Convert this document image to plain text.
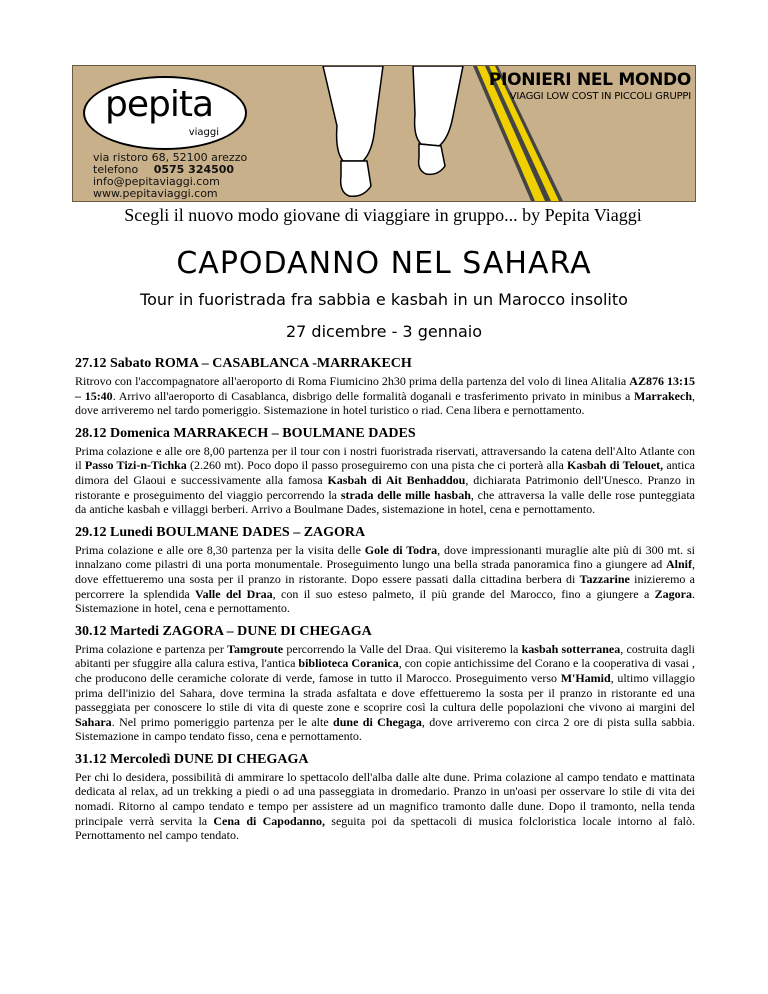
pepita
viaggi
PIONIERI NEL MONDO
VIAGGI LOW COST IN PICCOLI GRUPPI
via ristoro 68, 52100 arezzo
telefono 0575 324500
info@pepitaviaggi.com
www.pepitaviaggi.com
Scegli il nuovo modo giovane di viaggiare in gruppo... by Pepita Viaggi
CAPODANNO NEL SAHARA
Tour in fuoristrada fra sabbia e kasbah in un Marocco insolito
27 dicembre - 3 gennaio
27.12 Sabato ROMA – CASABLANCA -MARRAKECH

Ritrovo con l'accompagnatore all'aeroporto di Roma Fiumicino 2h30 prima della partenza del volo di linea Alitalia AZ876 13:15 – 15:40. Arrivo all'aeroporto di Casablanca, disbrigo delle formalità doganali e trasferimento privato in minibus a Marrakech, dove arriveremo nel tardo pomeriggio. Sistemazione in hotel turistico o riad. Cena libera e pernottamento.

28.12 Domenica MARRAKECH – BOULMANE DADES

Prima colazione e alle ore 8,00 partenza per il tour con i nostri fuoristrada riservati, attraversando la catena dell'Alto Atlante con il Passo Tizi-n-Tichka (2.260 mt). Poco dopo il passo proseguiremo con una pista che ci porterà alla Kasbah di Telouet, antica dimora del Glaoui e successivamente alla famosa Kasbah di Ait Benhaddou, dichiarata Patrimonio dell'Unesco. Pranzo in ristorante e proseguimento del viaggio percorrendo la strada delle mille hasbah, che attraversa la valle delle rose punteggiata da antiche kasbah e villaggi berberi. Arrivo a Boulmane Dades, sistemazione in hotel, cena e pernottamento.

29.12 Lunedi BOULMANE DADES – ZAGORA

Prima colazione e alle ore 8,30 partenza per la visita delle Gole di Todra, dove impressionanti muraglie alte più di 300 mt. si innalzano come pilastri di una porta monumentale. Proseguimento lungo una bella strada panoramica fino a giungere ad Alnif, dove effettueremo una sosta per il pranzo in ristorante. Dopo essere passati dalla cittadina berbera di Tazzarine inizieremo a percorrere la splendida Valle del Draa, con il suo esteso palmeto, il più grande del Marocco, fino a giungere a Zagora. Sistemazione in hotel, cena e pernottamento.

30.12 Martedi ZAGORA – DUNE DI CHEGAGA

Prima colazione e partenza per Tamgroute percorrendo la Valle del Draa. Qui visiteremo la kasbah sotterranea, costruita dagli abitanti per sfuggire alla calura estiva, l'antica biblioteca Coranica, con copie antichissime del Corano e la cooperativa di vasai , che producono delle ceramiche colorate di verde, famose in tutto il Marocco. Proseguimento verso M'Hamid, ultimo villaggio prima dell'inizio del Sahara, dove termina la strada asfaltata e dove effettueremo la sosta per il pranzo in ristorante ed una passeggiata per conoscere lo stile di vita di queste zone e scoprire così la cultura delle popolazioni che vivono ai margini del Sahara. Nel primo pomeriggio partenza per le alte dune di Chegaga, dove arriveremo con circa 2 ore di pista sulla sabbia. Sistemazione in campo tendato fisso, cena e pernottamento.

31.12 Mercoledì DUNE DI CHEGAGA

Per chi lo desidera, possibilità di ammirare lo spettacolo dell'alba dalle alte dune. Prima colazione al campo tendato e mattinata dedicata al relax, ad un trekking a piedi o ad una passeggiata in dromedario. Pranzo in un'oasi per osservare lo stile di vita dei nomadi. Ritorno al campo tendato e tempo per assistere ad un magnifico tramonto dalle dune. Dopo il tramonto, nella tenda principale verrà servita la Cena di Capodanno, seguita poi da spettacoli di musica folcloristica locale intorno al falò. Pernottamento nel campo tendato.
